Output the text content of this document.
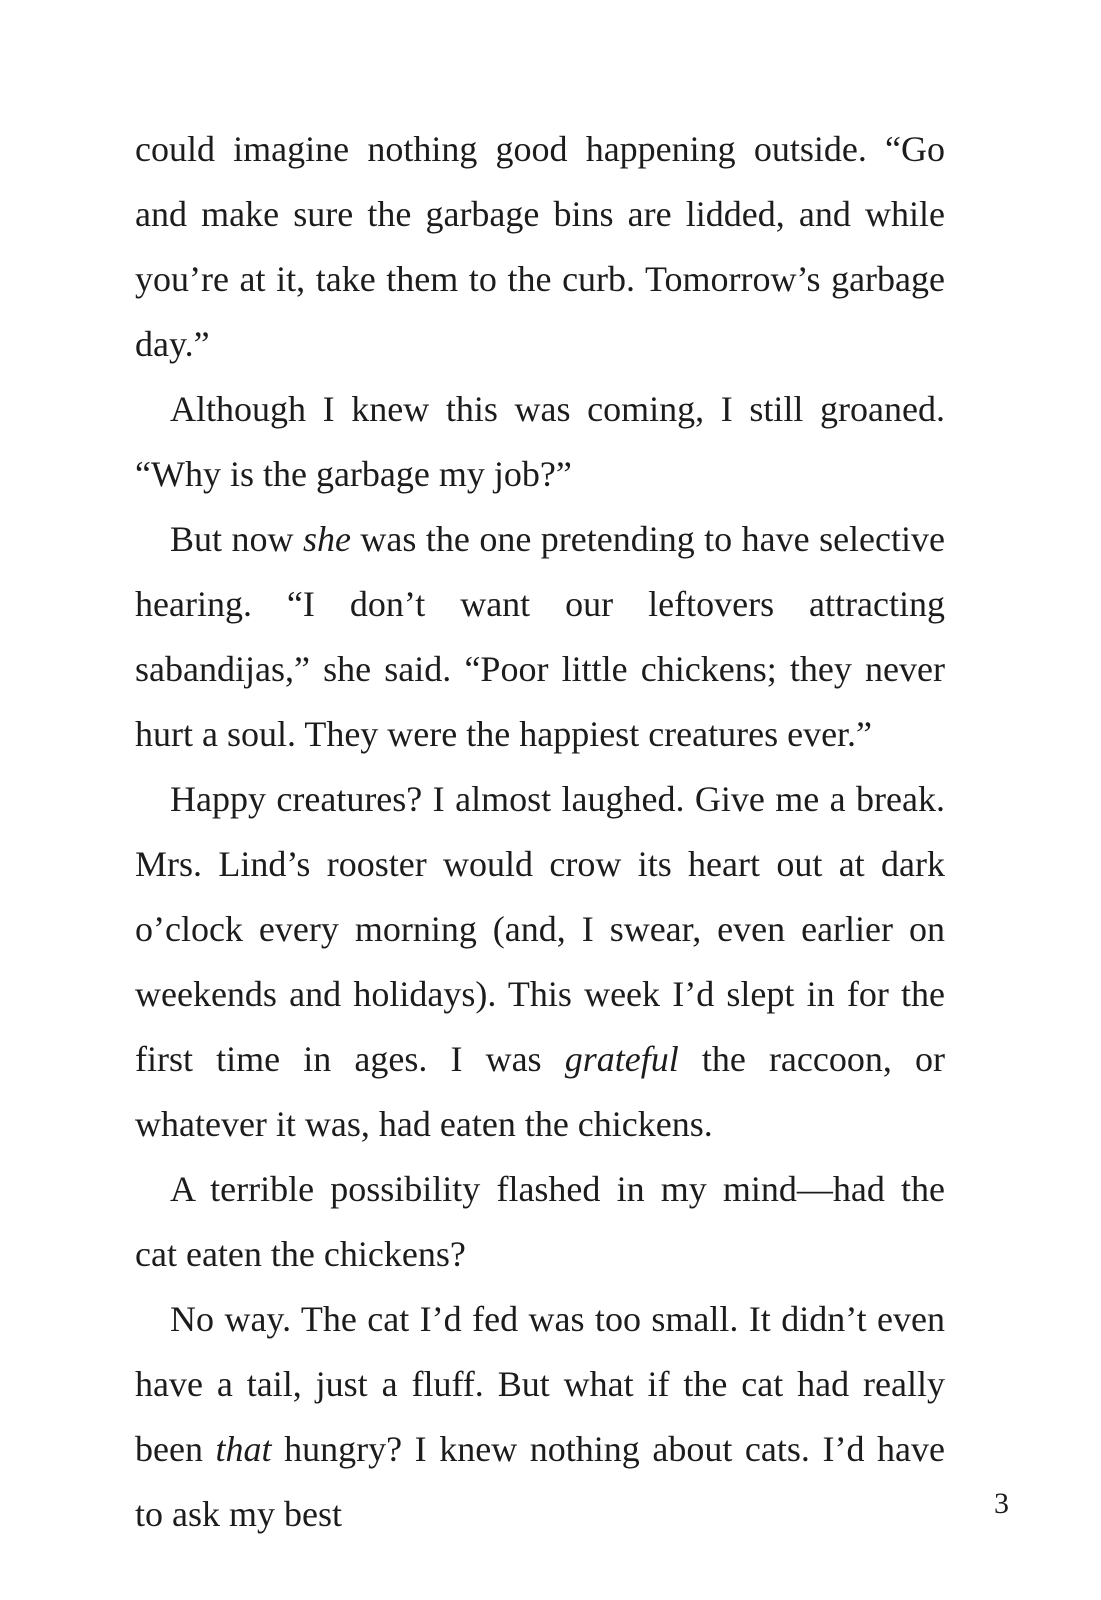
could imagine nothing good happening outside. “Go and make sure the garbage bins are lidded, and while you’re at it, take them to the curb. Tomorrow’s garbage day.”

Although I knew this was coming, I still groaned. “Why is the garbage my job?”

But now she was the one pretending to have selective hearing. “I don’t want our leftovers attracting sabandijas,” she said. “Poor little chickens; they never hurt a soul. They were the happiest creatures ever.”

Happy creatures? I almost laughed. Give me a break. Mrs. Lind’s rooster would crow its heart out at dark o’clock every morning (and, I swear, even earlier on weekends and holidays). This week I’d slept in for the first time in ages. I was grateful the raccoon, or whatever it was, had eaten the chickens.

A terrible possibility flashed in my mind—had the cat eaten the chickens?

No way. The cat I’d fed was too small. It didn’t even have a tail, just a fluff. But what if the cat had really been that hungry? I knew nothing about cats. I’d have to ask my best	3
